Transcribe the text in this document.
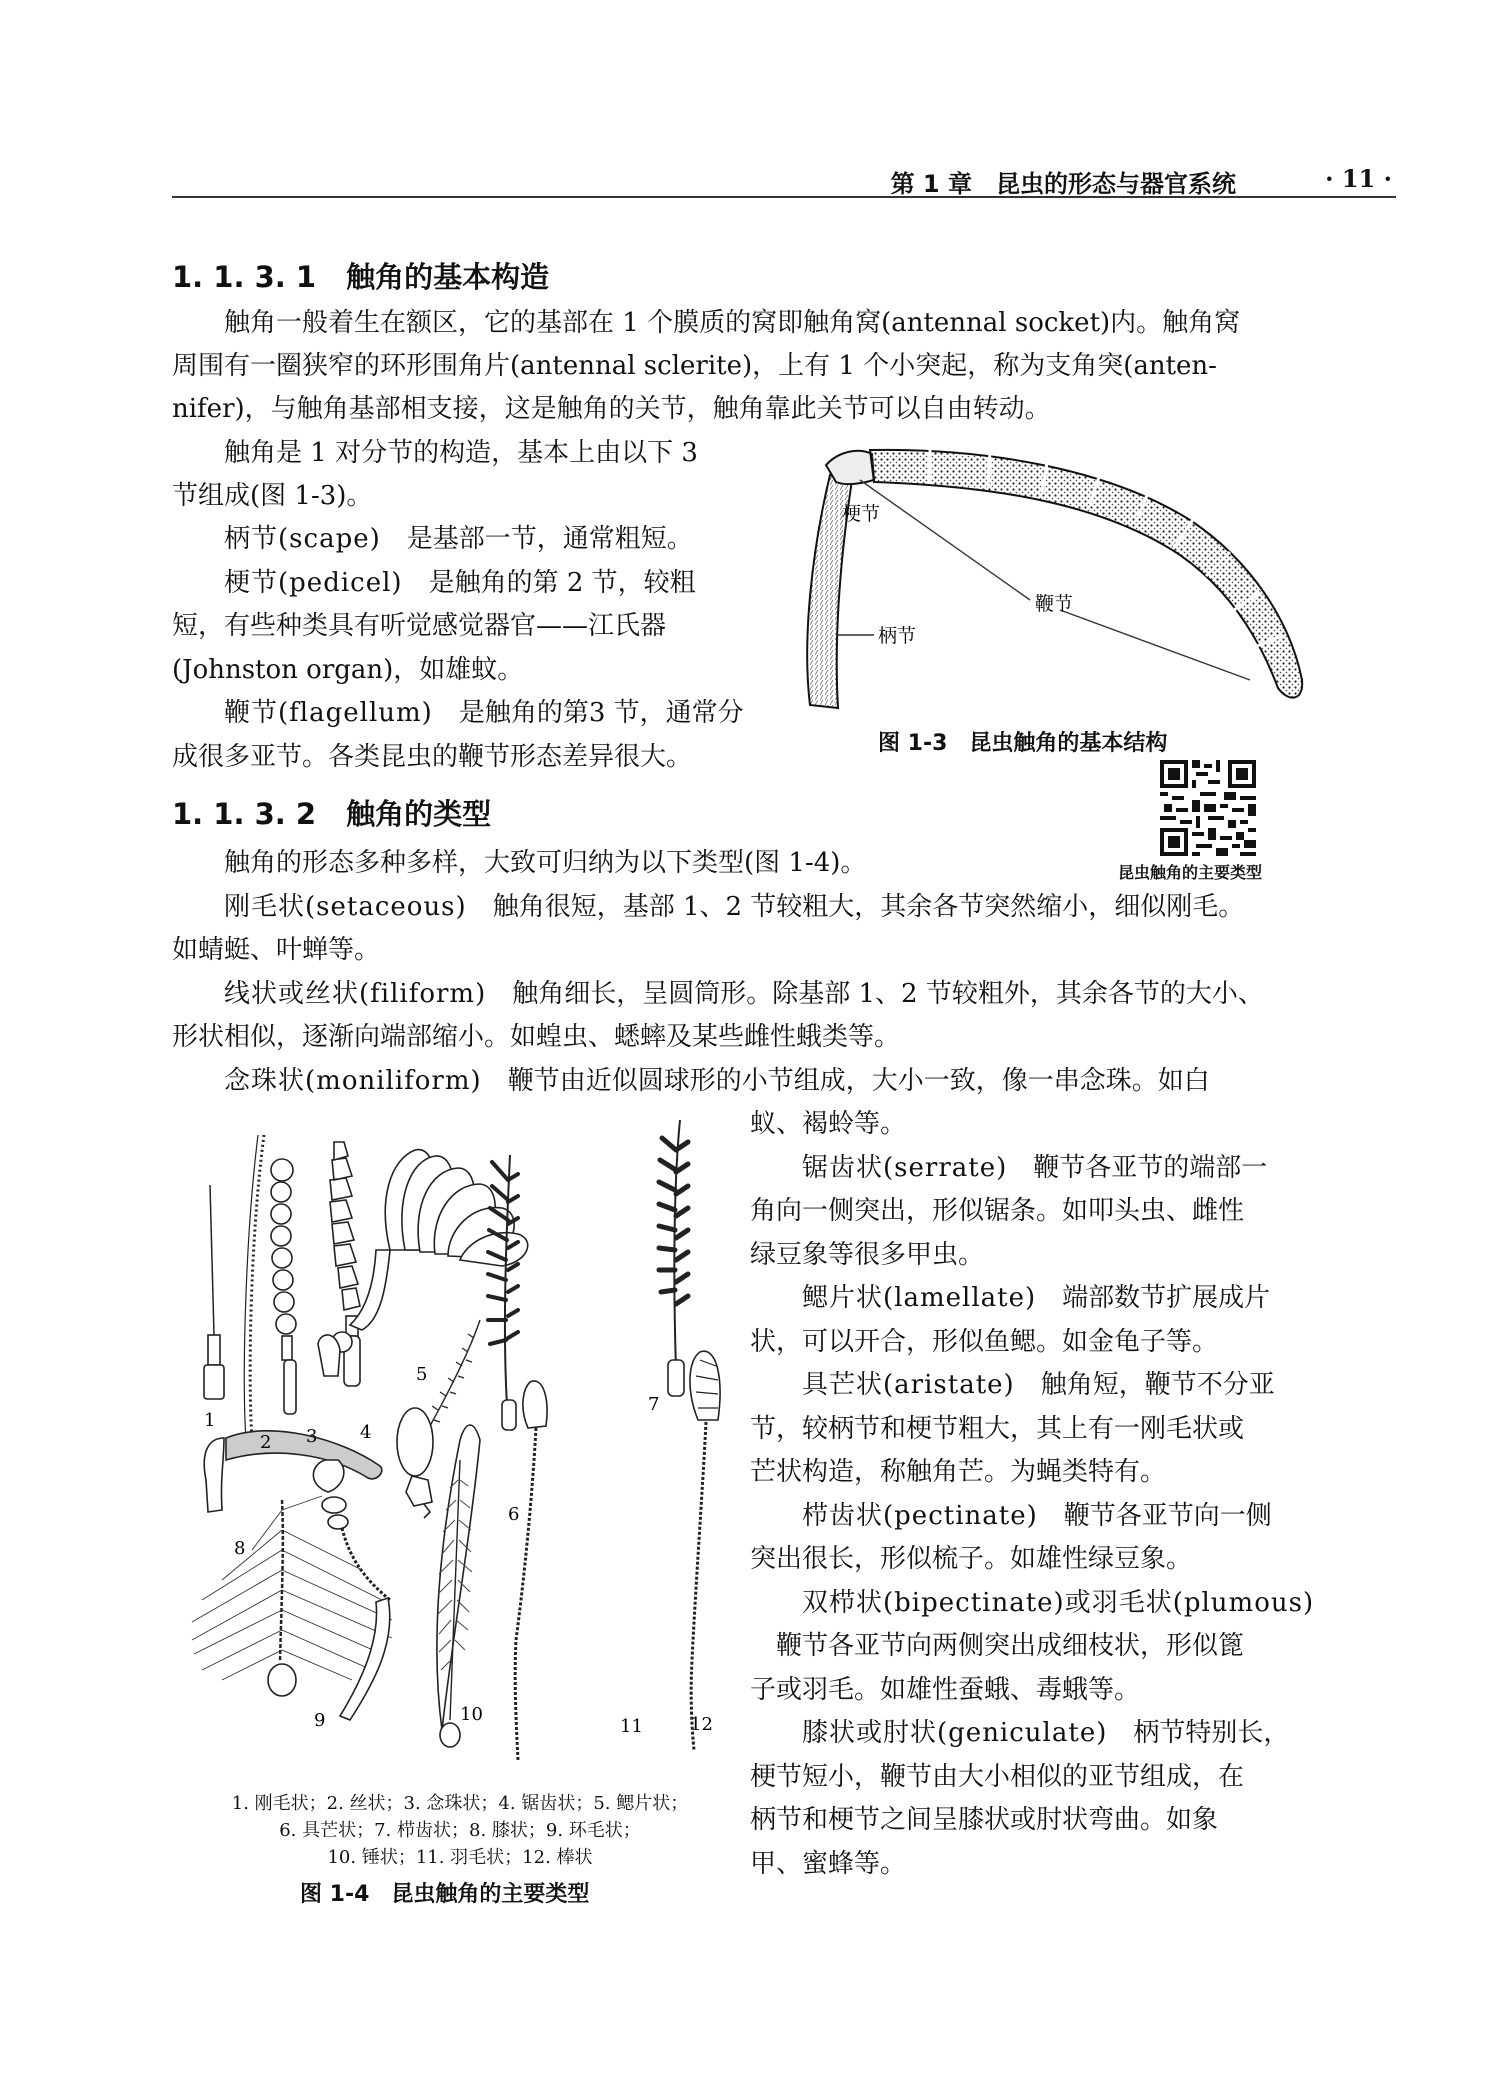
第 1 章　昆虫的形态与器官系统	· 11 ·
1. 1. 3. 1 触角的基本构造
　　触角一般着生在额区，它的基部在 1 个膜质的窝即触角窝(antennal socket)内。触角窝
周围有一圈狭窄的环形围角片(antennal sclerite)，上有 1 个小突起，称为支角突(anten-
nifer)，与触角基部相支接，这是触角的关节，触角靠此关节可以自由转动。
　　触角是 1 对分节的构造，基本上由以下 3
节组成(图 1-3)。
　　柄节(scape)　 是基部一节，通常粗短。
　　梗节(pedicel)　 是触角的第 2 节，较粗
短，有些种类具有听觉感觉器官——江氏器
(Johnston organ)，如雄蚊。
　　鞭节(flagellum)　 是触角的第3 节，通常分
成很多亚节。各类昆虫的鞭节形态差异很大。
梗节
鞭节
柄节
图 1-3　昆虫触角的基本结构
昆虫触角的主要类型
1. 1. 3. 2 触角的类型
　　触角的形态多种多样，大致可归纳为以下类型(图 1-4)。
　　刚毛状(setaceous)　 触角很短，基部 1、2 节较粗大，其余各节突然缩小，细似刚毛。
如蜻蜓、叶蝉等。
　　线状或丝状(filiform)　 触角细长，呈圆筒形。除基部 1、2 节较粗外，其余各节的大小、
形状相似，逐渐向端部缩小。如蝗虫、蟋蟀及某些雌性蛾类等。
　　念珠状(moniliform)　 鞭节由近似圆球形的小节组成，大小一致，像一串念珠。如白
蚁、褐蛉等。
　　锯齿状(serrate)　 鞭节各亚节的端部一
角向一侧突出，形似锯条。如叩头虫、雌性
绿豆象等很多甲虫。
　　鳃片状(lamellate)　 端部数节扩展成片
状，可以开合，形似鱼鳃。如金龟子等。
　　具芒状(aristate)　 触角短，鞭节不分亚
节，较柄节和梗节粗大，其上有一刚毛状或
芒状构造，称触角芒。为蝇类特有。
　　栉齿状(pectinate)　 鞭节各亚节向一侧
突出很长，形似梳子。如雄性绿豆象。
　　双栉状(bipectinate)或羽毛状(plumous)
　鞭节各亚节向两侧突出成细枝状，形似篦
子或羽毛。如雄性蚕蛾、毒蛾等。
　　膝状或肘状(geniculate)　 柄节特别长，
梗节短小，鞭节由大小相似的亚节组成，在
柄节和梗节之间呈膝状或肘状弯曲。如象
甲、蜜蜂等。
1
2 3 4
5
6
7
8
9	10
11	12
1. 刚毛状；2. 丝状；3. 念珠状；4. 锯齿状；5. 鳃片状；
6. 具芒状；7. 栉齿状；8. 膝状；9. 环毛状；
10. 锤状；11. 羽毛状；12. 棒状
图 1-4　昆虫触角的主要类型
